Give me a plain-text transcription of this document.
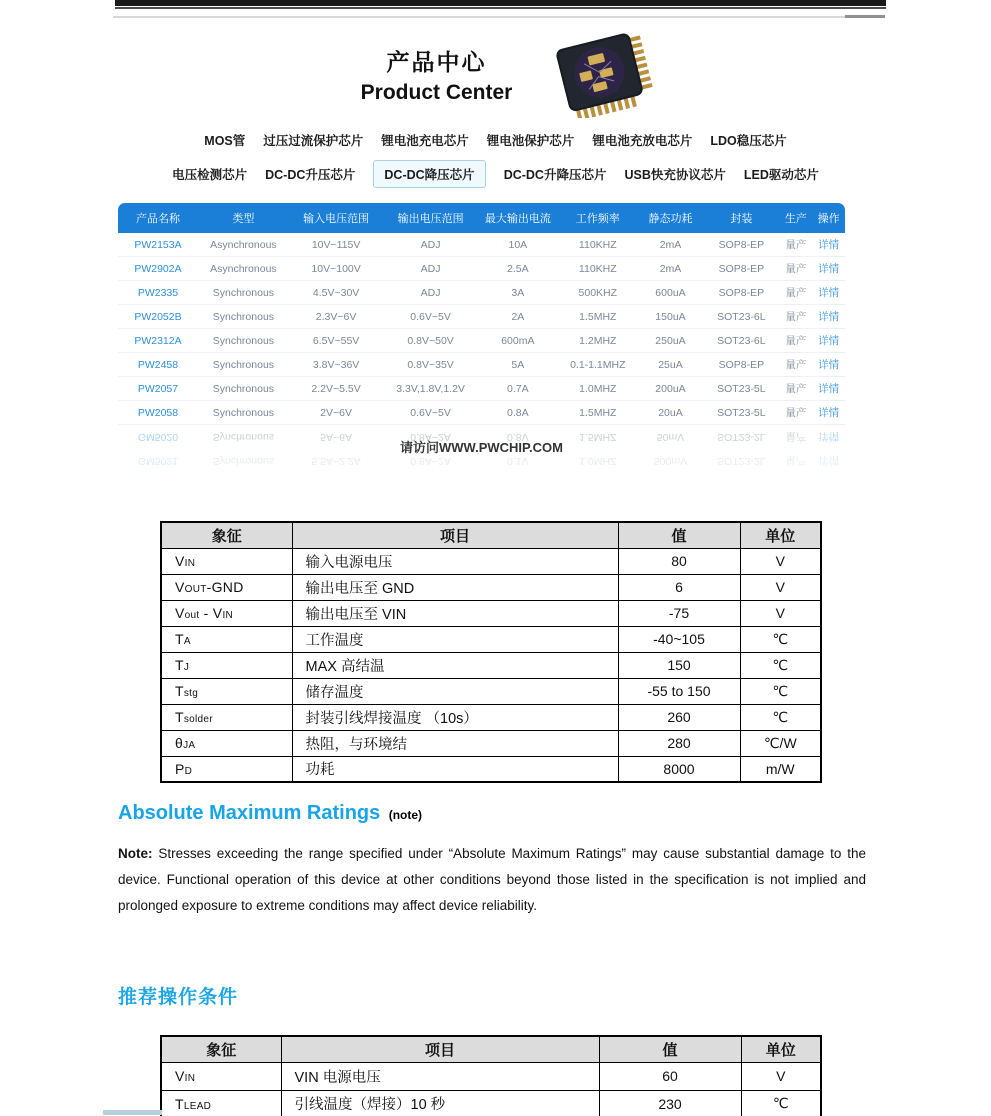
产品中心
Product Center
MOS管 过压过流保护芯片 锂电池充电芯片 锂电池保护芯片 锂电池充放电芯片 LDO稳压芯片
电压检测芯片 DC-DC升压芯片 DC-DC降压芯片 DC-DC升降压芯片 USB快充协议芯片 LED驱动芯片
产品名称	类型	输入电压范围	输出电压范围	最大输出电流	工作频率	静态功耗	封装	生产 操作
PW2153A	Asynchronous	10V~115V	ADJ	10A	110KHZ	2mA	SOP8-EP	量产	详情
PW2902A	Asynchronous	10V~100V	ADJ	2.5A	110KHZ	2mA	SOP8-EP	量产	详情
PW2335	Synchronous	4.5V~30V	ADJ	3A	500KHZ	600uA	SOP8-EP	量产	详情
PW2052B	Synchronous	2.3V~6V	0.6V~5V	2A	1.5MHZ	150uA	SOT23-6L	量产	详情
PW2312A	Synchronous	6.5V~55V	0.8V~50V	600mA	1.2MHZ	250uA	SOT23-6L	量产	详情
PW2458	Synchronous	3.8V~36V	0.8V~35V	5A	0.1-1.1MHZ	25uA	SOP8-EP	量产	详情
PW2057	Synchronous	2.2V~5.5V	3.3V,1.8V,1.2V	0.7A	1.0MHZ	200uA	SOT23-5L	量产	详情
PW2058	Synchronous	2V~6V	0.6V~5V	0.8A	1.5MHZ	20uA	SOT23-5L	量产	详情
GM5020	Synchronous	5A~6A	0.8A~2A	0.8V	1.5MHZ	50mV	SOT23-2L	量产	详情
GM5021	Synchronous	5.5A~2.2A	0.8A~2A	0.1V	1.0MHZ	500mV	SOT23-2L	量产	详情
请访问WWW.PWCHIP.COM
象征	项目	值	单位
VIN	输入电源电压	80	V
VOUT-GND	输出电压至 GND	6	V
Vout - VIN	输出电压至 VIN	-75	V
TA	工作温度	-40~105	℃
TJ	MAX 高结温	150	℃
Tstg	储存温度	-55 to 150	℃
Tsolder	封装引线焊接温度 （10s）	260	℃
θJA	热阻，与环境结	280	℃/W
PD	功耗	8000	m/W
Absolute Maximum Ratings (note)

Note: Stresses exceeding the range specified under “Absolute Maximum Ratings” may cause substantial damage to the device. Functional operation of this device at other conditions beyond those listed in the specification is not implied and prolonged exposure to extreme conditions may affect device reliability.

推荐操作条件
象征	项目	值	单位
VIN	VIN 电源电压	60	V
TLEAD	引线温度（焊接）10 秒	230	℃
